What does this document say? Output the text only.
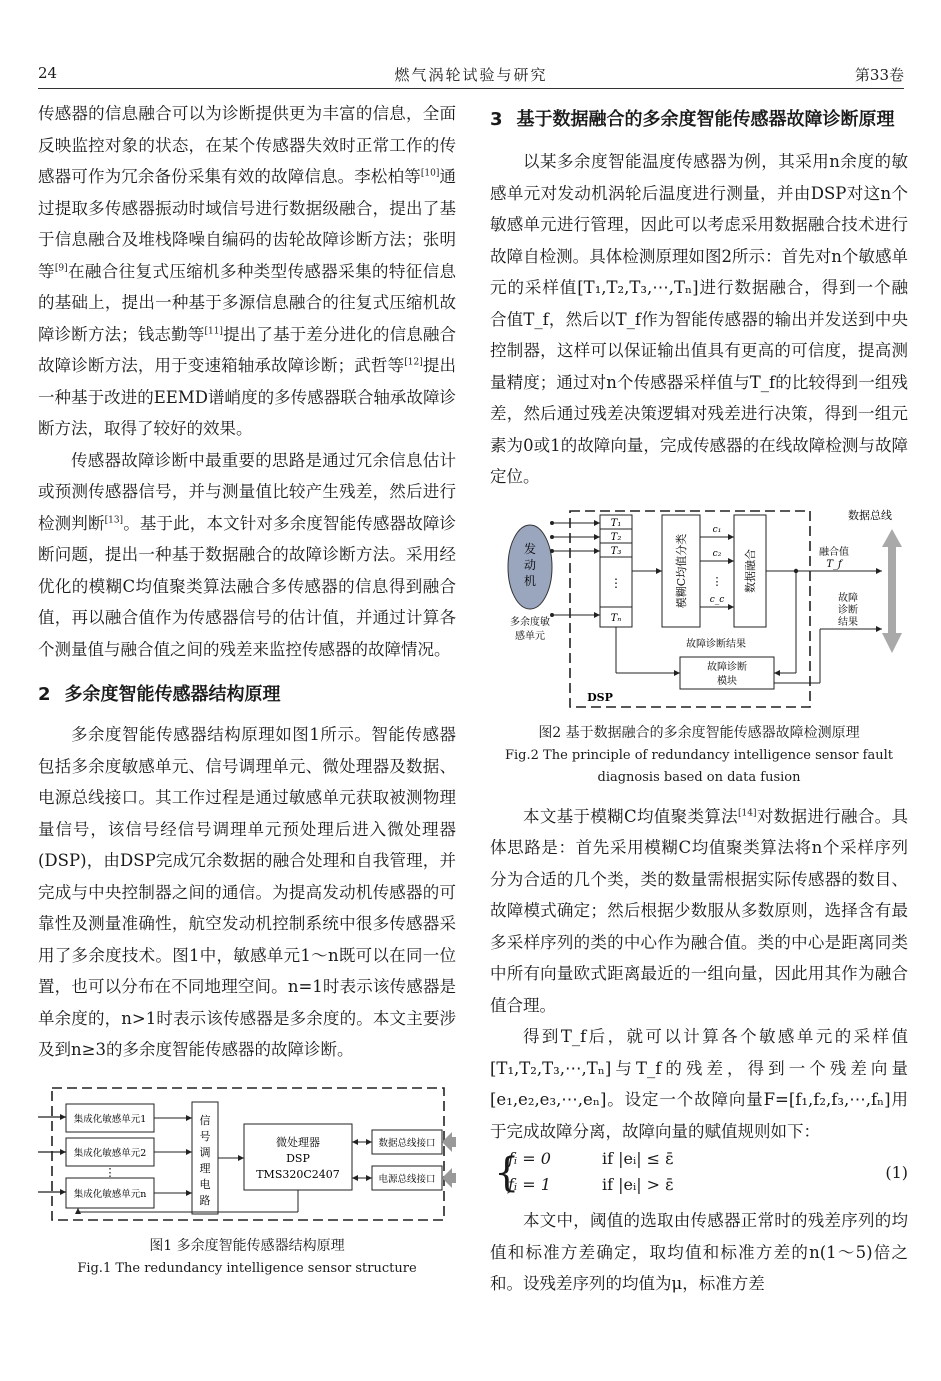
24	燃气涡轮试验与研究	第33卷

传感器的信息融合可以为诊断提供更为丰富的信息，全面反映监控对象的状态，在某个传感器失效时正常工作的传感器可作为冗余备份采集有效的故障信息。李松柏等[10]通过提取多传感器振动时域信号进行数据级融合，提出了基于信息融合及堆栈降噪自编码的齿轮故障诊断方法；张明等[9]在融合往复式压缩机多种类型传感器采集的特征信息的基础上，提出一种基于多源信息融合的往复式压缩机故障诊断方法；钱志勤等[11]提出了基于差分进化的信息融合故障诊断方法，用于变速箱轴承故障诊断；武哲等[12]提出一种基于改进的EEMD谱峭度的多传感器联合轴承故障诊断方法，取得了较好的效果。

传感器故障诊断中最重要的思路是通过冗余信息估计或预测传感器信号，并与测量值比较产生残差，然后进行检测判断[13]。基于此，本文针对多余度智能传感器故障诊断问题，提出一种基于数据融合的故障诊断方法。采用经优化的模糊C均值聚类算法融合多传感器的信息得到融合值，再以融合值作为传感器信号的估计值，并通过计算各个测量值与融合值之间的残差来监控传感器的故障情况。

2 多余度智能传感器结构原理

多余度智能传感器结构原理如图1所示。智能传感器包括多余度敏感单元、信号调理单元、微处理器及数据、电源总线接口。其工作过程是通过敏感单元获取被测物理量信号，该信号经信号调理单元预处理后进入微处理器(DSP)，由DSP完成冗余数据的融合处理和自我管理，并完成与中央控制器之间的通信。为提高发动机传感器的可靠性及测量准确性，航空发动机控制系统中很多传感器采用了多余度技术。图1中，敏感单元1～n既可以在同一位置，也可以分布在不同地理空间。n=1时表示该传感器是单余度的，n>1时表示该传感器是多余度的。本文主要涉及到n≥3的多余度智能传感器的故障诊断。

集成化敏感单元1
集成化敏感单元2
⋮
集成化敏感单元n
信号调理电路
微处理器
DSP
TMS320C2407
数据总线接口
电源总线接口
图1 多余度智能传感器结构原理
Fig.1 The redundancy intelligence sensor structure
3 基于数据融合的多余度智能传感器故障诊断原理

以某多余度智能温度传感器为例，其采用n余度的敏感单元对发动机涡轮后温度进行测量，并由DSP对这n个敏感单元进行管理，因此可以考虑采用数据融合技术进行故障自检测。具体检测原理如图2所示：首先对n个敏感单元的采样值[T₁,T₂,T₃,⋯,Tₙ]进行数据融合，得到一个融合值T_f，然后以T_f作为智能传感器的输出并发送到中央控制器，这样可以保证输出值具有更高的可信度，提高测量精度；通过对n个传感器采样值与T_f的比较得到一组残差，然后通过残差决策逻辑对残差进行决策，得到一组元素为0或1的故障向量，完成传感器的在线故障检测与故障定位。

发动机
多余度敏感单元
T₁
T₂
T₃
⋮
Tₙ
模糊C均值分类
c₁
c₂
⋮
c_c
数据融合	融合值
T_f
数据总线
故障诊断结果
故障诊断
模块
故障诊断结果
DSP
图2 基于数据融合的多余度智能传感器故障检测原理
Fig.2 The principle of redundancy intelligence sensor fault
diagnosis based on data fusion

本文基于模糊C均值聚类算法[14]对数据进行融合。具体思路是：首先采用模糊C均值聚类算法将n个采样序列分为合适的几个类，类的数量需根据实际传感器的数目、故障模式确定；然后根据少数服从多数原则，选择含有最多采样序列的类的中心作为融合值。类的中心是距离同类中所有向量欧式距离最近的一组向量，因此用其作为融合值合理。

得到T_f后，就可以计算各个敏感单元的采样值[T₁,T₂,T₃,⋯,Tₙ]与T_f的残差，得到一个残差向量[e₁,e₂,e₃,⋯,eₙ]。设定一个故障向量F=[f₁,f₂,f₃,⋯,fₙ]用于完成故障分离，故障向量的赋值规则如下：

{
fᵢ = 0	if |eᵢ| ≤ ε̄
fᵢ = 1	if |eᵢ| > ε̄
(1)

本文中，阈值的选取由传感器正常时的残差序列的均值和标准方差确定，取均值和标准方差的n(1～5)倍之和。设残差序列的均值为μ，标准方差
